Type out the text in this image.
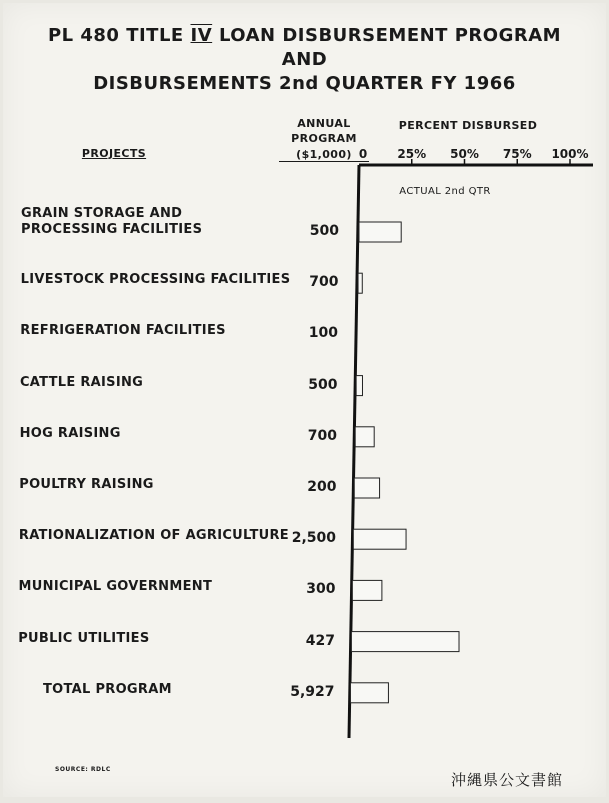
PL 480 TITLE IV LOAN DISBURSEMENT PROGRAM
AND
DISBURSEMENTS 2nd QUARTER FY 1966
PROJECTS
ANNUAL
PROGRAM
($1,000)
PERCENT DISBURSED
ACTUAL 2nd QTR
GRAIN STORAGE AND
PROCESSING FACILITIES
LIVESTOCK PROCESSING FACILITIES
REFRIGERATION FACILITIES
CATTLE RAISING
HOG RAISING
POULTRY RAISING
RATIONALIZATION OF AGRICULTURE
MUNICIPAL GOVERNMENT
PUBLIC UTILITIES
TOTAL PROGRAM
500
700
100
500
700
200
2,500
300
427
5,927
0	25% 50% 75% 100%
SOURCE: RDLC
沖縄県公文書館
